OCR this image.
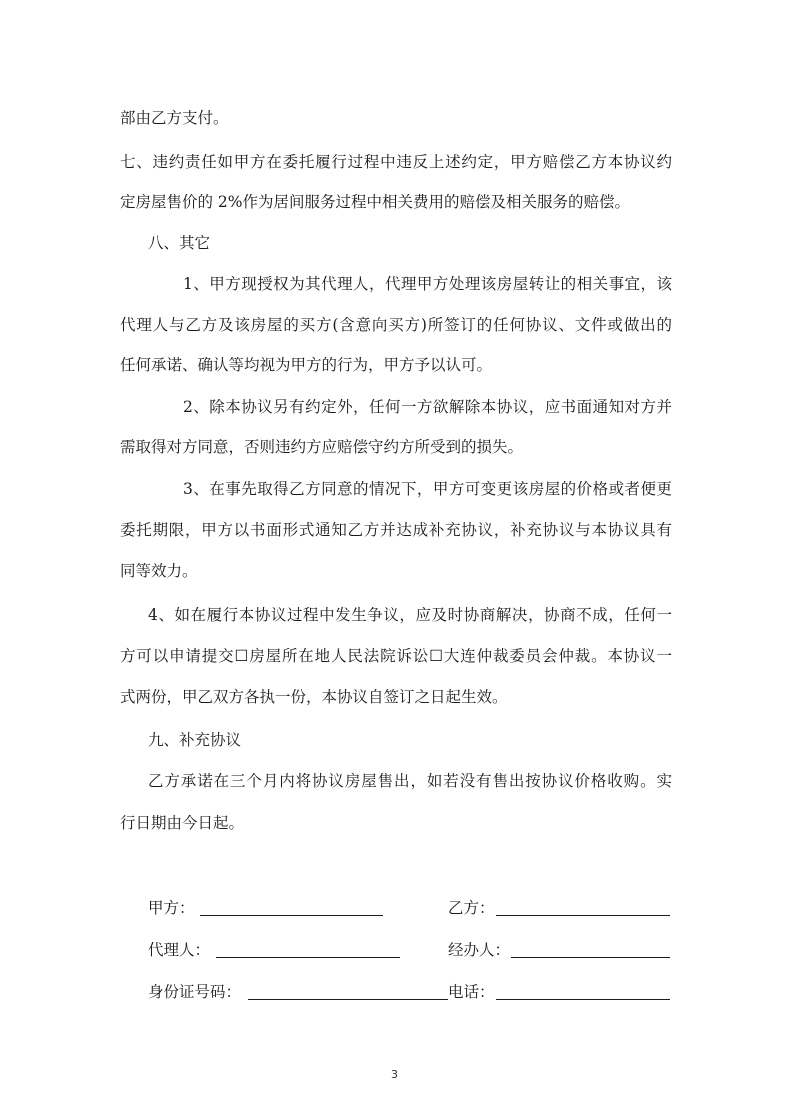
部由乙方支付。
七、违约责任如甲方在委托履行过程中违反上述约定，甲方赔偿乙方本协议约
定房屋售价的 2%作为居间服务过程中相关费用的赔偿及相关服务的赔偿。
八、其它
1、甲方现授权为其代理人，代理甲方处理该房屋转让的相关事宜，该
代理人与乙方及该房屋的买方(含意向买方)所签订的任何协议、文件或做出的
任何承诺、确认等均视为甲方的行为，甲方予以认可。
2、除本协议另有约定外，任何一方欲解除本协议，应书面通知对方并
需取得对方同意，否则违约方应赔偿守约方所受到的损失。
3、在事先取得乙方同意的情况下，甲方可变更该房屋的价格或者便更
委托期限，甲方以书面形式通知乙方并达成补充协议，补充协议与本协议具有
同等效力。
4、如在履行本协议过程中发生争议，应及时协商解决，协商不成，任何一
方可以申请提交☐房屋所在地人民法院诉讼☐大连仲裁委员会仲裁。本协议一
式两份，甲乙双方各执一份，本协议自签订之日起生效。
九、补充协议
乙方承诺在三个月内将协议房屋售出，如若没有售出按协议价格收购。实
行日期由今日起。
甲方：	乙方：
代理人：	经办人：
身份证号码：	电话：
3
